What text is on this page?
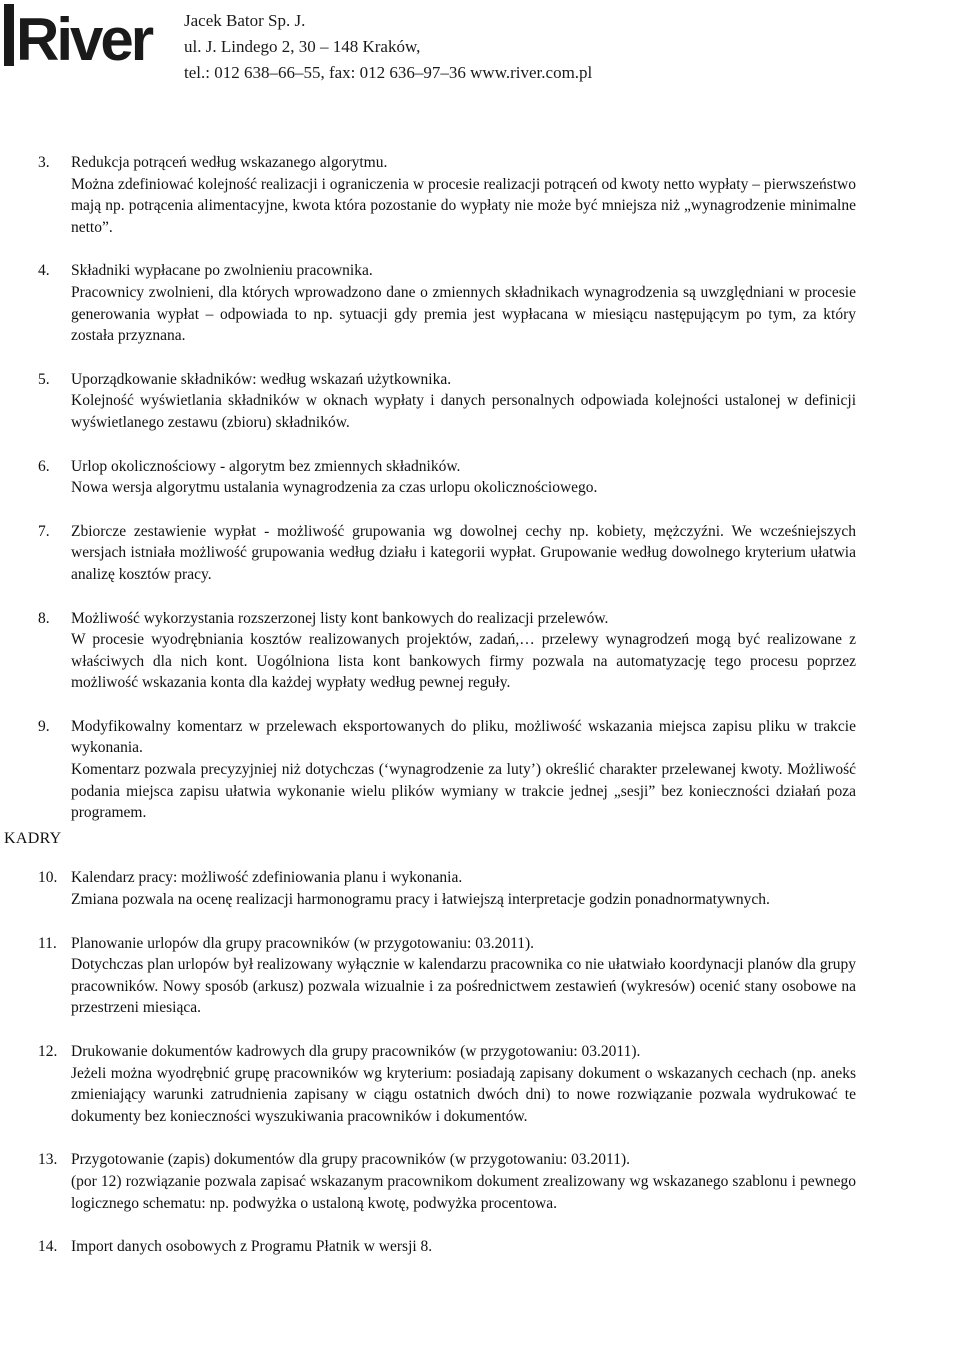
River Jacek Bator Sp. J.
ul. J. Lindego 2, 30 – 148 Kraków,
tel.: 012 638–66–55, fax: 012 636–97–36 www.river.com.pl
3.	Redukcja potrąceń według wskazanego algorytmu.
Można zdefiniować kolejność realizacji i ograniczenia w procesie realizacji potrąceń od kwoty netto wypłaty – pierwszeństwo mają np. potrącenia alimentacyjne, kwota która pozostanie do wypłaty nie może być mniejsza niż „wynagrodzenie minimalne netto”.
4.	Składniki wypłacane po zwolnieniu pracownika.
Pracownicy zwolnieni, dla których wprowadzono dane o zmiennych składnikach wynagrodzenia są uwzględniani w procesie generowania wypłat – odpowiada to np. sytuacji gdy premia jest wypłacana w miesiącu następującym po tym, za który została przyznana.
5.	Uporządkowanie składników: według wskazań użytkownika.
Kolejność wyświetlania składników w oknach wypłaty i danych personalnych odpowiada kolejności ustalonej w definicji wyświetlanego zestawu (zbioru) składników.
6.	Urlop okolicznościowy - algorytm bez zmiennych składników.
Nowa wersja algorytmu ustalania wynagrodzenia za czas urlopu okolicznościowego.
7.	Zbiorcze zestawienie wypłat - możliwość grupowania wg dowolnej cechy np. kobiety, mężczyźni. We wcześniejszych wersjach istniała możliwość grupowania według działu i kategorii wypłat. Grupowanie według dowolnego kryterium ułatwia analizę kosztów pracy.
8.	Możliwość wykorzystania rozszerzonej listy kont bankowych do realizacji przelewów.
W procesie wyodrębniania kosztów realizowanych projektów, zadań,… przelewy wynagrodzeń mogą być realizowane z właściwych dla nich kont. Uogólniona lista kont bankowych firmy pozwala na automatyzację tego procesu poprzez możliwość wskazania konta dla każdej wypłaty według pewnej reguły.
9.	Modyfikowalny komentarz w przelewach eksportowanych do pliku, możliwość wskazania miejsca zapisu pliku w trakcie wykonania.
Komentarz pozwala precyzyjniej niż dotychczas (‘wynagrodzenie za luty’) określić charakter przelewanej kwoty. Możliwość podania miejsca zapisu ułatwia wykonanie wielu plików wymiany w trakcie jednej „sesji” bez konieczności działań poza programem.
KADRY
10. Kalendarz pracy: możliwość zdefiniowania planu i wykonania.
Zmiana pozwala na ocenę realizacji harmonogramu pracy i łatwiejszą interpretacje godzin ponadnormatywnych.
11. Planowanie urlopów dla grupy pracowników (w przygotowaniu: 03.2011).
Dotychczas plan urlopów był realizowany wyłącznie w kalendarzu pracownika co nie ułatwiało koordynacji planów dla grupy pracowników. Nowy sposób (arkusz) pozwala wizualnie i za pośrednictwem zestawień (wykresów) ocenić stany osobowe na przestrzeni miesiąca.
12. Drukowanie dokumentów kadrowych dla grupy pracowników (w przygotowaniu: 03.2011).
Jeżeli można wyodrębnić grupę pracowników wg kryterium: posiadają zapisany dokument o wskazanych cechach (np. aneks zmieniający warunki zatrudnienia zapisany w ciągu ostatnich dwóch dni) to nowe rozwiązanie pozwala wydrukować te dokumenty bez konieczności wyszukiwania pracowników i dokumentów.
13. Przygotowanie (zapis) dokumentów dla grupy pracowników (w przygotowaniu: 03.2011).
(por 12) rozwiązanie pozwala zapisać wskazanym pracownikom dokument zrealizowany wg wskazanego szablonu i pewnego logicznego schematu: np. podwyżka o ustaloną kwotę, podwyżka procentowa.
14. Import danych osobowych z Programu Płatnik w wersji 8.
